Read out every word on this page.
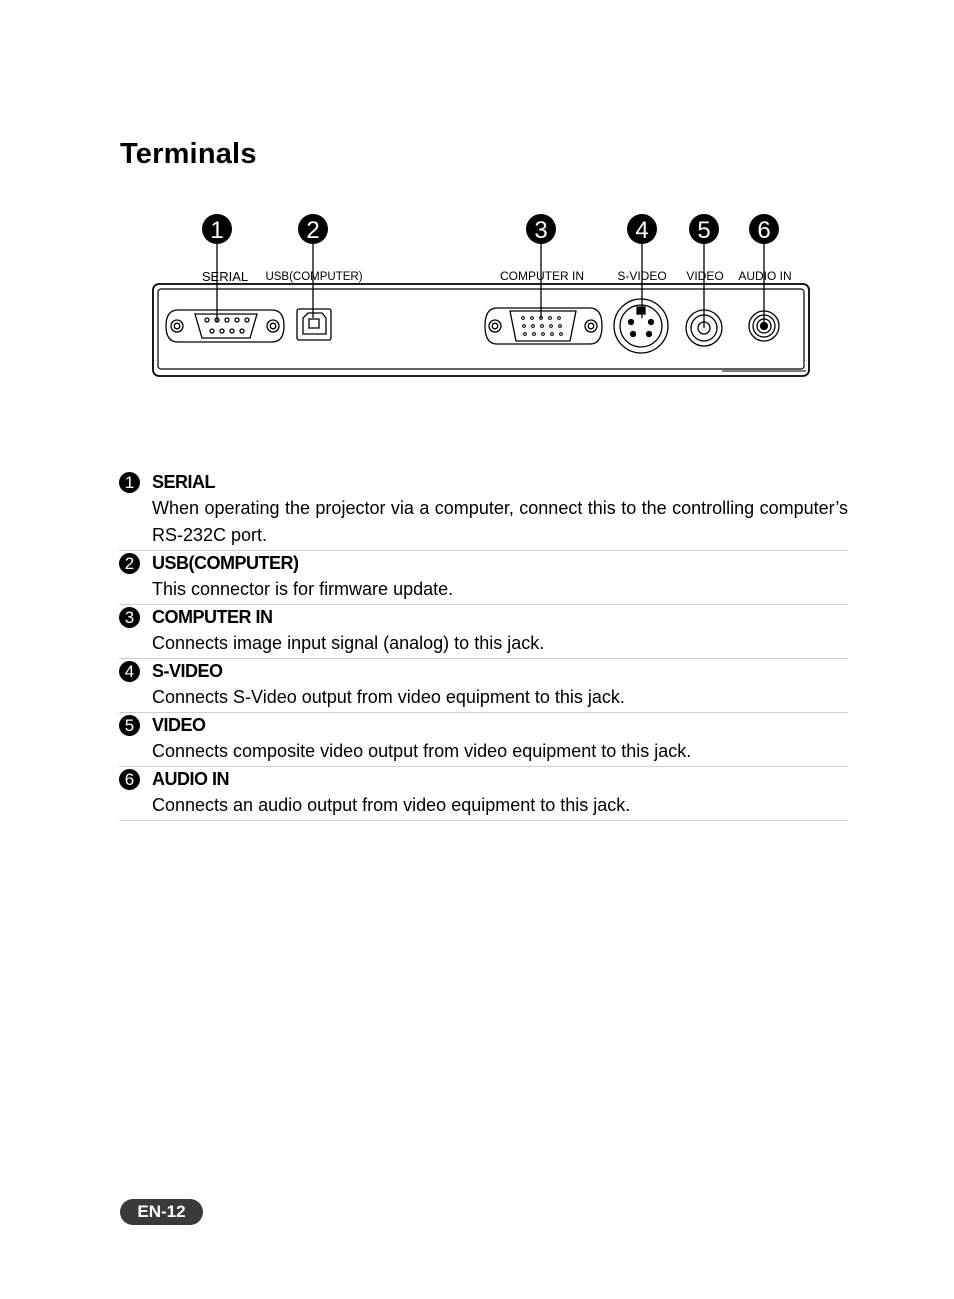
Terminals
1	2	3	4 5 6
SERIAL USB(COMPUTER)	COMPUTER IN	S-VIDEO VIDEO AUDIO IN
1 SERIAL
When operating the projector via a computer, connect this to the controlling computer’s RS-232C port.
2 USB(COMPUTER)
This connector is for firmware update.
3 COMPUTER IN
Connects image input signal (analog) to this jack.
4 S-VIDEO
Connects S-Video output from video equipment to this jack.
5 VIDEO
Connects composite video output from video equipment to this jack.
6 AUDIO IN
Connects an audio output from video equipment to this jack.
EN-12
